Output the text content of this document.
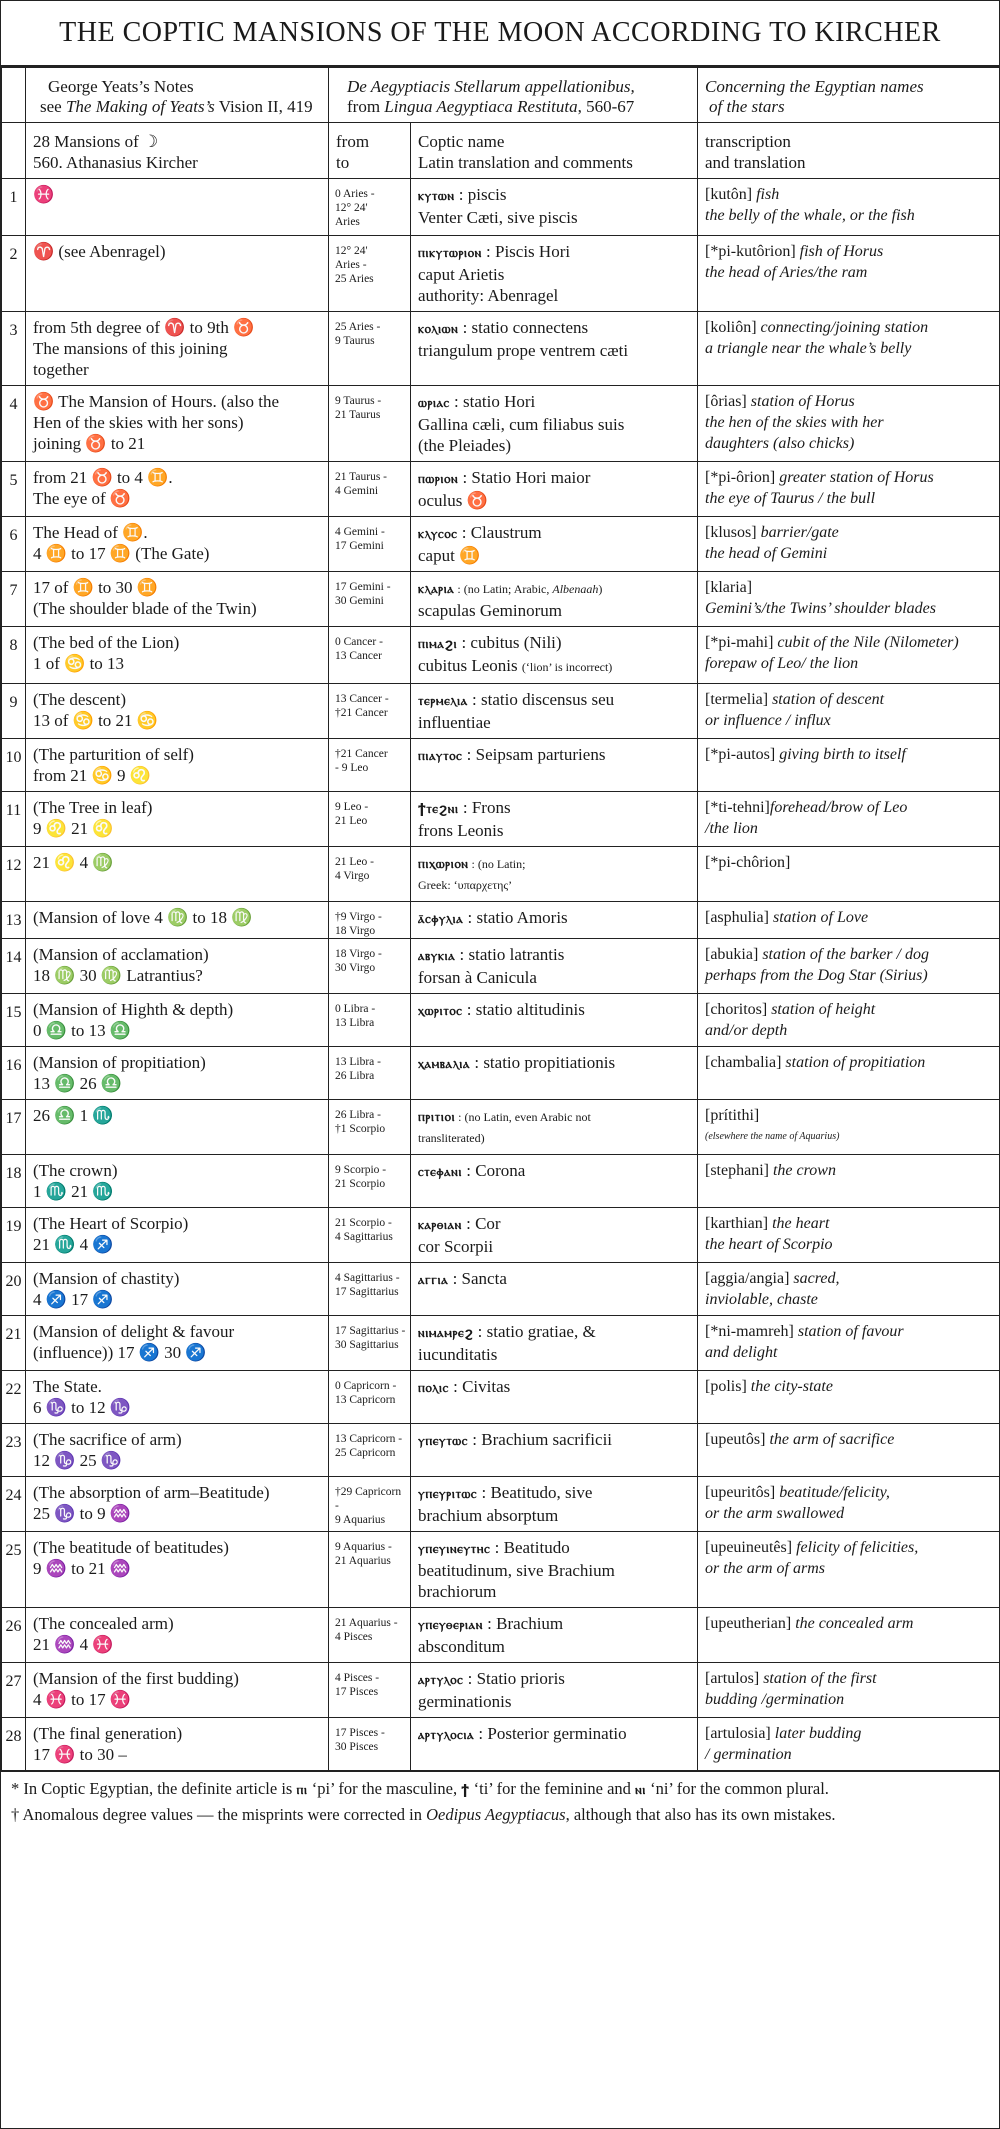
THE COPTIC MANSIONS OF THE MOON ACCORDING TO KIRCHER

	George Yeats’s Notes
see The Making of Yeats’s Vision II, 419	De Aegyptiacis Stellarum appellationibus,
from Lingua Aegyptiaca Restituta, 560-67		Concerning the Egyptian names
of the stars

	28 Mansions of ☽
560. Athanasius Kircher	from
to	Coptic name
Latin translation and comments	transcription
and translation

1	♓	0 Aries -
12° 24'
Aries	ⲕⲩⲧⲱⲛ : piscis
Venter Cæti, sive piscis	[kutôn] fish
the belly of the whale, or the fish

2	♈ (see Abenragel)	12° 24'
Aries -
25 Aries	ⲡⲓⲕⲩⲧⲱⲣⲓⲟⲛ : Piscis Hori
caput Arietis
authority: Abenragel	[*pi-kutôrion] fish of Horus
the head of Aries/the ram

3	from 5th degree of ♈ to 9th ♉
The mansions of this joining
together	25 Aries -
9 Taurus	ⲕⲟⲗⲓⲱⲛ : statio connectens
triangulum prope ventrem cæti	[koliôn] connecting/joining station
a triangle near the whale’s belly

4	♉ The Mansion of Hours. (also the
Hen of the skies with her sons)
joining ♉ to 21	9 Taurus -
21 Taurus	ⲱⲣⲓⲁⲥ : statio Hori
Gallina cæli, cum filiabus suis
(the Pleiades)	[ôrias] station of Horus
the hen of the skies with her
daughters (also chicks)

5	from 21 ♉ to 4 ♊.
The eye of ♉	21 Taurus -
4 Gemini	ⲡⲱⲣⲓⲟⲛ : Statio Hori maior
oculus ♉	[*pi-ôrion] greater station of Horus
the eye of Taurus / the bull

6	The Head of ♊.
4 ♊ to 17 ♊ (The Gate)	4 Gemini -
17 Gemini	ⲕⲗⲩⲥⲟⲥ : Claustrum
caput ♊	[klusos] barrier/gate
the head of Gemini

7	17 of ♊ to 30 ♊
(The shoulder blade of the Twin)	17 Gemini -
30 Gemini	ⲕⲗⲁⲣⲓⲁ : (no Latin; Arabic, Albenaah)
scapulas Geminorum	[klaria]
Gemini’s/the Twins’ shoulder blades

8	(The bed of the Lion)
1 of ♋ to 13	0 Cancer -
13 Cancer	ⲡⲓⲙⲁϩⲓ : cubitus (Nili)
cubitus Leonis (‘lion’ is incorrect)	[*pi-mahi] cubit of the Nile (Nilometer)
forepaw of Leo/ the lion

9	(The descent)
13 of ♋ to 21 ♋	13 Cancer -
†21 Cancer	ⲧⲉⲣⲙⲉⲗⲓⲁ : statio discensus seu
influentiae	[termelia] station of descent
or influence / influx

10	(The parturition of self)
from 21 ♋ 9 ♌	†21 Cancer
- 9 Leo	ⲡⲓⲁⲩⲧⲟⲥ : Seipsam parturiens	[*pi-autos] giving birth to itself

11	(The Tree in leaf)
9 ♌ 21 ♌	9 Leo -
21 Leo	ϯⲧⲉϩⲛⲓ : Frons
frons Leonis	[*ti-tehni]forehead/brow of Leo
/the lion

12	21 ♌ 4 ♍	21 Leo -
4 Virgo	ⲡⲓⲭⲱⲣⲓⲟⲛ : (no Latin;
Greek: ‘υπαρχετης’	[*pi-chôrion]

13	(Mansion of love 4 ♍ to 18 ♍	†9 Virgo -
18 Virgo	ⲁ̄ⲥⲫⲩⲗⲓⲁ : statio Amoris	[asphulia] station of Love

14	(Mansion of acclamation)
18 ♍ 30 ♍ Latrantius?	18 Virgo -
30 Virgo	ⲁⲃⲩⲕⲓⲁ : statio latrantis
forsan à Canicula	[abukia] station of the barker / dog
perhaps from the Dog Star (Sirius)

15	(Mansion of Highth & depth)
0 ♎ to 13 ♎	0 Libra -
13 Libra	ⲭⲱⲣⲓⲧⲟⲥ : statio altitudinis	[choritos] station of height
and/or depth

16	(Mansion of propitiation)
13 ♎ 26 ♎	13 Libra -
26 Libra	ⲭⲁⲙⲃⲁⲗⲓⲁ : statio propitiationis	[chambalia] station of propitiation

17	26 ♎ 1 ♏	26 Libra -
†1 Scorpio	ⲡⲣⲓⲧⲓⲟⲓ : (no Latin, even Arabic not
transliterated)	[prítithi]
(elsewhere the name of Aquarius)

18	(The crown)
1 ♏ 21 ♏	9 Scorpio -
21 Scorpio	ⲥⲧⲉⲫⲁⲛⲓ : Corona	[stephani] the crown

19	(The Heart of Scorpio)
21 ♏ 4 ♐	21 Scorpio -
4 Sagittarius	ⲕⲁⲣⲑⲓⲁⲛ : Cor
cor Scorpii	[karthian] the heart
the heart of Scorpio

20	(Mansion of chastity)
4 ♐ 17 ♐	4 Sagittarius -
17 Sagittarius	ⲁⲅⲅⲓⲁ : Sancta	[aggia/angia] sacred,
inviolable, chaste

21	(Mansion of delight & favour
(influence)) 17 ♐ 30 ♐	17 Sagittarius -
30 Sagittarius	ⲛⲓⲙⲁⲙⲣⲉϩ : statio gratiae, &
iucunditatis	[*ni-mamreh] station of favour
and delight

22	The State.
6 ♑ to 12 ♑	0 Capricorn -
13 Capricorn	ⲡⲟⲗⲓⲥ : Civitas	[polis] the city-state

23	(The sacrifice of arm)
12 ♑ 25 ♑	13 Capricorn -
25 Capricorn	ⲩⲡⲉⲩⲧⲱⲥ : Brachium sacrificii	[upeutôs] the arm of sacrifice

24	(The absorption of arm–Beatitude)
25 ♑ to 9 ♒	†29 Capricorn -
9 Aquarius	ⲩⲡⲉⲩⲣⲓⲧⲱⲥ : Beatitudo, sive
brachium absorptum	[upeuritôs] beatitude/felicity,
or the arm swallowed

25	(The beatitude of beatitudes)
9 ♒ to 21 ♒	9 Aquarius -
21 Aquarius	ⲩⲡⲉⲩⲓⲛⲉⲩⲧⲏⲥ : Beatitudo
beatitudinum, sive Brachium
brachiorum	[upeuineutês] felicity of felicities,
or the arm of arms

26	(The concealed arm)
21 ♒ 4 ♓	21 Aquarius -
4 Pisces	ⲩⲡⲉⲩⲑⲉⲣⲓⲁⲛ : Brachium
absconditum	[upeutherian] the concealed arm

27	(Mansion of the first budding)
4 ♓ to 17 ♓	4 Pisces -
17 Pisces	ⲁⲣⲧⲩⲗⲟⲥ : Statio prioris
germinationis	[artulos] station of the first
budding /germination

28	(The final generation)
17 ♓ to 30 –	17 Pisces -
30 Pisces	ⲁⲣⲧⲩⲗⲟⲥⲓⲁ : Posterior germinatio	[artulosia] later budding
/ germination

* In Coptic Egyptian, the definite article is ⲡⲓ ‘pi’ for the masculine, ϯ ‘ti’ for the feminine and ⲛⲓ ‘ni’ for the common plural.

† Anomalous degree values — the misprints were corrected in Oedipus Aegyptiacus, although that also has its own mistakes.
